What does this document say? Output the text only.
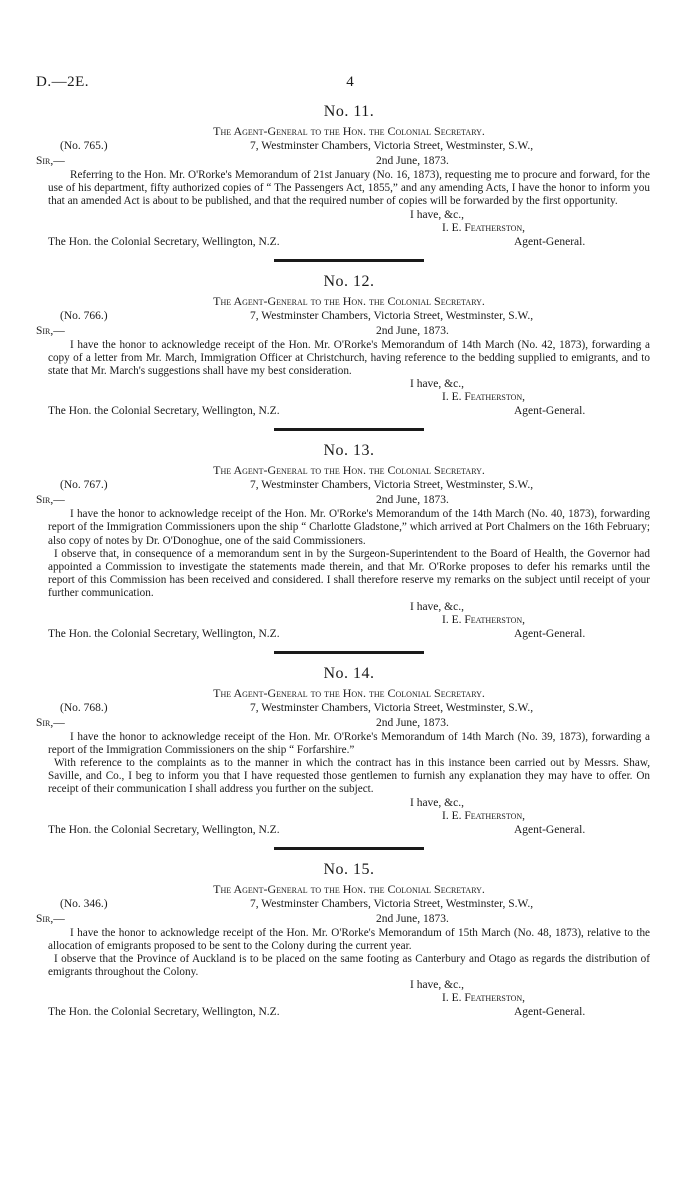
D.—2E.	4
No. 11.
The Agent-General to the Hon. the Colonial Secretary.
(No. 765.)	7, Westminster Chambers, Victoria Street, Westminster, S.W.,
Sir,—	2nd June, 1873.

Referring to the Hon. Mr. O'Rorke's Memorandum of 21st January (No. 16, 1873), requesting me to procure and forward, for the use of his department, fifty authorized copies of “ The Passengers Act, 1855,” and any amending Acts, I have the honor to inform you that an amended Act is about to be published, and that the required number of copies will be forwarded by the first opportunity.

I have, &c.,
I. E. Featherston,
The Hon. the Colonial Secretary, Wellington, N.Z.	Agent-General.
No. 12.
The Agent-General to the Hon. the Colonial Secretary.
(No. 766.)	7, Westminster Chambers, Victoria Street, Westminster, S.W.,
Sir,—	2nd June, 1873.

I have the honor to acknowledge receipt of the Hon. Mr. O'Rorke's Memorandum of 14th March (No. 42, 1873), forwarding a copy of a letter from Mr. March, Immigration Officer at Christchurch, having reference to the bedding supplied to emigrants, and to state that Mr. March's suggestions shall have my best consideration.

I have, &c.,
I. E. Featherston,
The Hon. the Colonial Secretary, Wellington, N.Z.	Agent-General.
No. 13.
The Agent-General to the Hon. the Colonial Secretary.
(No. 767.)	7, Westminster Chambers, Victoria Street, Westminster, S.W.,
Sir,—	2nd June, 1873.

I have the honor to acknowledge receipt of the Hon. Mr. O'Rorke's Memorandum of the 14th March (No. 40, 1873), forwarding report of the Immigration Commissioners upon the ship “ Charlotte Gladstone,” which arrived at Port Chalmers on the 16th February; also copy of notes by Dr. O'Donoghue, one of the said Commissioners.

I observe that, in consequence of a memorandum sent in by the Surgeon-Superintendent to the Board of Health, the Governor had appointed a Commission to investigate the statements made therein, and that Mr. O'Rorke proposes to defer his remarks until the report of this Commission has been received and considered. I shall therefore reserve my remarks on the subject until receipt of your further communication.

I have, &c.,
I. E. Featherston,
The Hon. the Colonial Secretary, Wellington, N.Z.	Agent-General.
No. 14.
The Agent-General to the Hon. the Colonial Secretary.
(No. 768.)	7, Westminster Chambers, Victoria Street, Westminster, S.W.,
Sir,—	2nd June, 1873.

I have the honor to acknowledge receipt of the Hon. Mr. O'Rorke's Memorandum of 14th March (No. 39, 1873), forwarding a report of the Immigration Commissioners on the ship “ Forfarshire.”

With reference to the complaints as to the manner in which the contract has in this instance been carried out by Messrs. Shaw, Saville, and Co., I beg to inform you that I have requested those gentlemen to furnish any explanation they may have to offer. On receipt of their communication I shall address you further on the subject.

I have, &c.,
I. E. Featherston,
The Hon. the Colonial Secretary, Wellington, N.Z.	Agent-General.
No. 15.
The Agent-General to the Hon. the Colonial Secretary.
(No. 346.)	7, Westminster Chambers, Victoria Street, Westminster, S.W.,
Sir,—	2nd June, 1873.

I have the honor to acknowledge receipt of the Hon. Mr. O'Rorke's Memorandum of 15th March (No. 48, 1873), relative to the allocation of emigrants proposed to be sent to the Colony during the current year.

I observe that the Province of Auckland is to be placed on the same footing as Canterbury and Otago as regards the distribution of emigrants throughout the Colony.

I have, &c.,
I. E. Featherston,
The Hon. the Colonial Secretary, Wellington, N.Z.	Agent-General.
